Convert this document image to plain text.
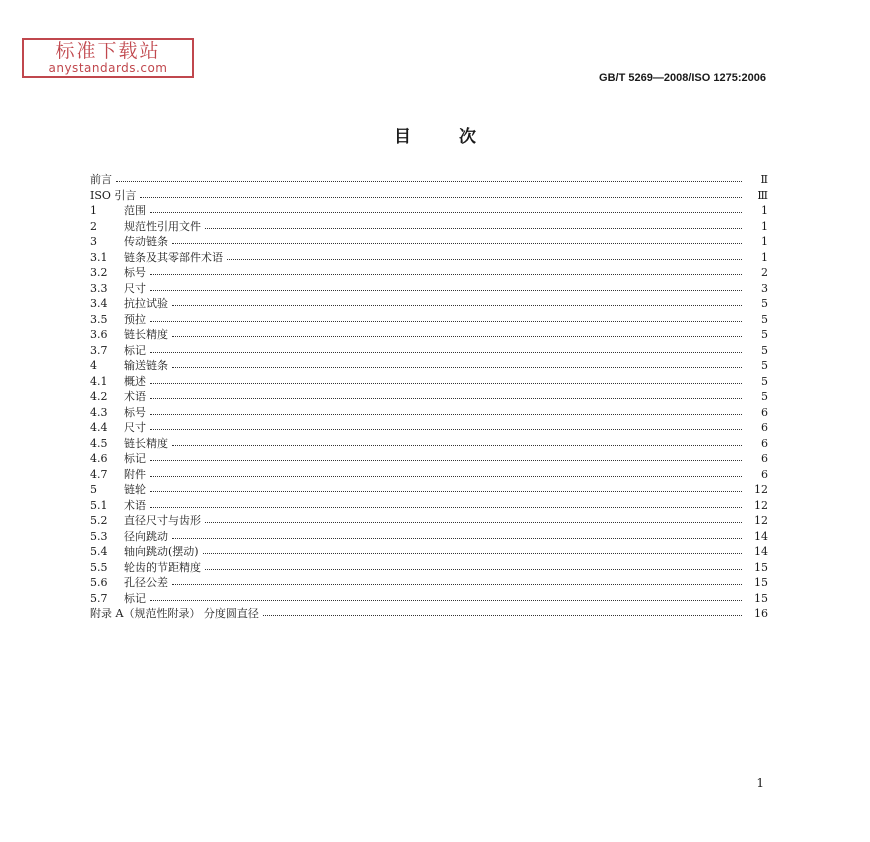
标准下载站
anystandards.com
GB/T 5269—2008/ISO 1275:2006
目 次
前言	Ⅱ
ISO 引言	Ⅲ
1	范围	1
2	规范性引用文件	1
3	传动链条	1
3.1	链条及其零部件术语	1
3.2	标号	2
3.3	尺寸	3
3.4	抗拉试验	5
3.5	预拉	5
3.6	链长精度	5
3.7	标记	5
4	输送链条	5
4.1	概述	5
4.2	术语	5
4.3	标号	6
4.4	尺寸	6
4.5	链长精度	6
4.6	标记	6
4.7	附件	6
5	链轮	12
5.1	术语	12
5.2	直径尺寸与齿形	12
5.3	径向跳动	14
5.4	轴向跳动(摆动)	14
5.5	轮齿的节距精度	15
5.6	孔径公差	15
5.7	标记	15
附录 A（规范性附录） 分度圆直径	16
1
